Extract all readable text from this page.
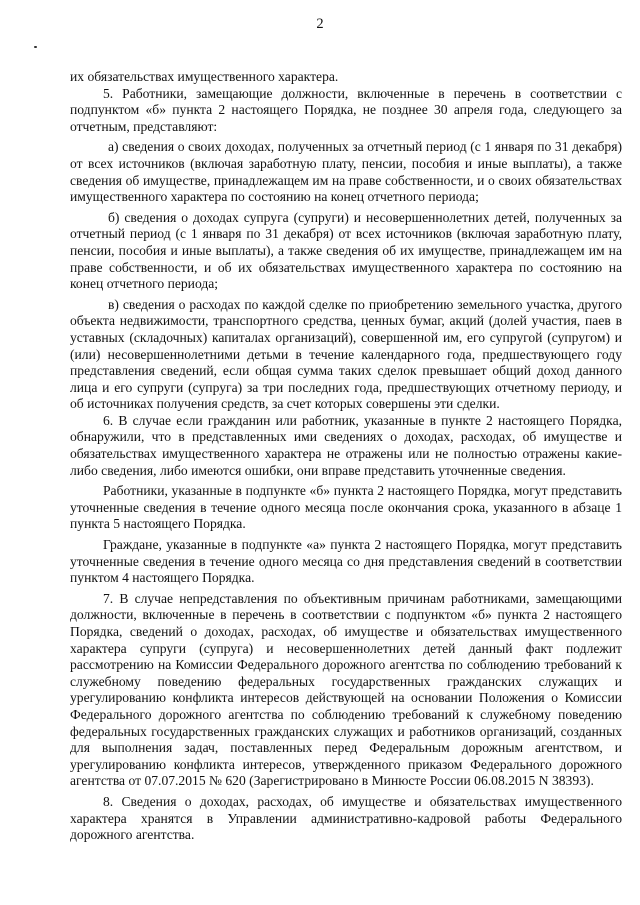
2

их обязательствах имущественного характера.

5. Работники, замещающие должности, включенные в перечень в соответствии с подпунктом «б» пункта 2 настоящего Порядка, не позднее 30 апреля года, следующего за отчетным, представляют:

а) сведения о своих доходах, полученных за отчетный период (с 1 января по 31 декабря) от всех источников (включая заработную плату, пенсии, пособия и иные выплаты), а также сведения об имуществе, принадлежащем им на праве собственности, и о своих обязательствах имущественного характера по состоянию на конец отчетного периода;

б) сведения о доходах супруга (супруги) и несовершеннолетних детей, полученных за отчетный период (с 1 января по 31 декабря) от всех источников (включая заработную плату, пенсии, пособия и иные выплаты), а также сведения об их имуществе, принадлежащем им на праве собственности, и об их обязательствах имущественного характера по состоянию на конец отчетного периода;

в) сведения о расходах по каждой сделке по приобретению земельного участка, другого объекта недвижимости, транспортного средства, ценных бумаг, акций (долей участия, паев в уставных (складочных) капиталах организаций), совершенной им, его супругой (супругом) и (или) несовершеннолетними детьми в течение календарного года, предшествующего году представления сведений, если общая сумма таких сделок превышает общий доход данного лица и его супруги (супруга) за три последних года, предшествующих отчетному периоду, и об источниках получения средств, за счет которых совершены эти сделки.

6. В случае если гражданин или работник, указанные в пункте 2 настоящего Порядка, обнаружили, что в представленных ими сведениях о доходах, расходах, об имуществе и обязательствах имущественного характера не отражены или не полностью отражены какие-либо сведения, либо имеются ошибки, они вправе представить уточненные сведения.

Работники, указанные в подпункте «б» пункта 2 настоящего Порядка, могут представить уточненные сведения в течение одного месяца после окончания срока, указанного в абзаце 1 пункта 5 настоящего Порядка.

Граждане, указанные в подпункте «а» пункта 2 настоящего Порядка, могут представить уточненные сведения в течение одного месяца со дня представления сведений в соответствии пунктом 4 настоящего Порядка.

7. В случае непредставления по объективным причинам работниками, замещающими должности, включенные в перечень в соответствии с подпунктом «б» пункта 2 настоящего Порядка, сведений о доходах, расходах, об имуществе и обязательствах имущественного характера супруги (супруга) и несовершеннолетних детей данный факт подлежит рассмотрению на Комиссии Федерального дорожного агентства по соблюдению требований к служебному поведению федеральных государственных гражданских служащих и урегулированию конфликта интересов действующей на основании Положения о Комиссии Федерального дорожного агентства по соблюдению требований к служебному поведению федеральных государственных гражданских служащих и работников организаций, созданных для выполнения задач, поставленных перед Федеральным дорожным агентством, и урегулированию конфликта интересов, утвержденного приказом Федерального дорожного агентства от 07.07.2015 № 620 (Зарегистрировано в Минюсте России 06.08.2015 N 38393).

8. Сведения о доходах, расходах, об имуществе и обязательствах имущественного характера хранятся в Управлении административно-кадровой работы Федерального дорожного агентства.
